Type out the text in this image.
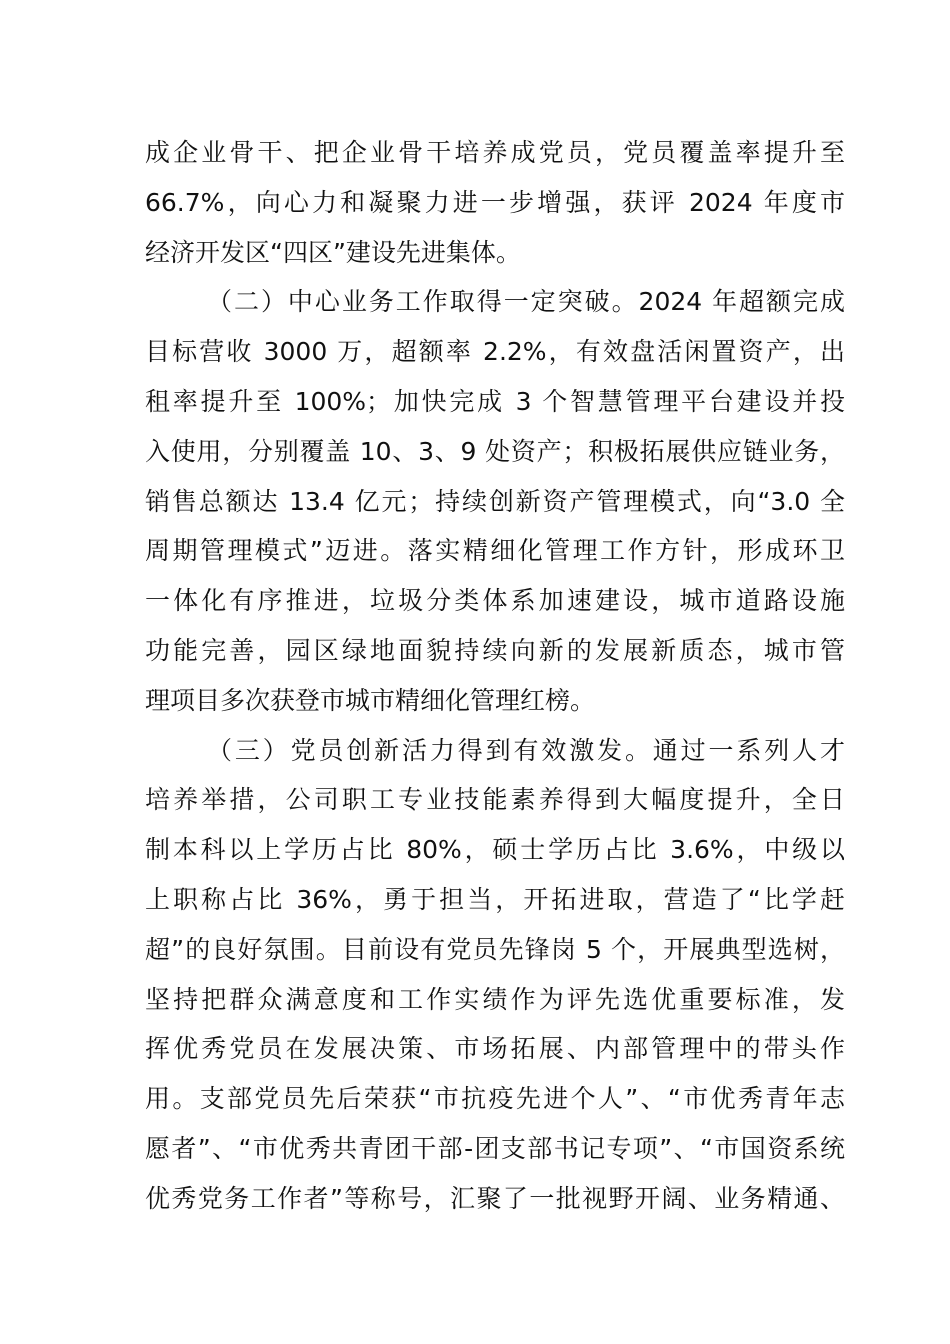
成企业骨干、把企业骨干培养成党员，党员覆盖率提升至
66.7%，向心力和凝聚力进一步增强，获评 2024 年度市
经济开发区“四区”建设先进集体。
（二）中心业务工作取得一定突破。2024 年超额完成
目标营收 3000 万，超额率 2.2%，有效盘活闲置资产，出
租率提升至 100%；加快完成 3 个智慧管理平台建设并投
入使用，分别覆盖 10、3、9 处资产；积极拓展供应链业务，
销售总额达 13.4 亿元；持续创新资产管理模式，向“3.0 全
周期管理模式”迈进。落实精细化管理工作方针，形成环卫
一体化有序推进，垃圾分类体系加速建设，城市道路设施
功能完善，园区绿地面貌持续向新的发展新质态，城市管
理项目多次获登市城市精细化管理红榜。
（三）党员创新活力得到有效激发。通过一系列人才
培养举措，公司职工专业技能素养得到大幅度提升，全日
制本科以上学历占比 80%，硕士学历占比 3.6%，中级以
上职称占比 36%，勇于担当，开拓进取，营造了“比学赶
超”的良好氛围。目前设有党员先锋岗 5 个，开展典型选树，
坚持把群众满意度和工作实绩作为评先选优重要标准，发
挥优秀党员在发展决策、市场拓展、内部管理中的带头作
用。支部党员先后荣获“市抗疫先进个人”、“市优秀青年志
愿者”、“市优秀共青团干部-团支部书记专项”、“市国资系统
优秀党务工作者”等称号，汇聚了一批视野开阔、业务精通、
